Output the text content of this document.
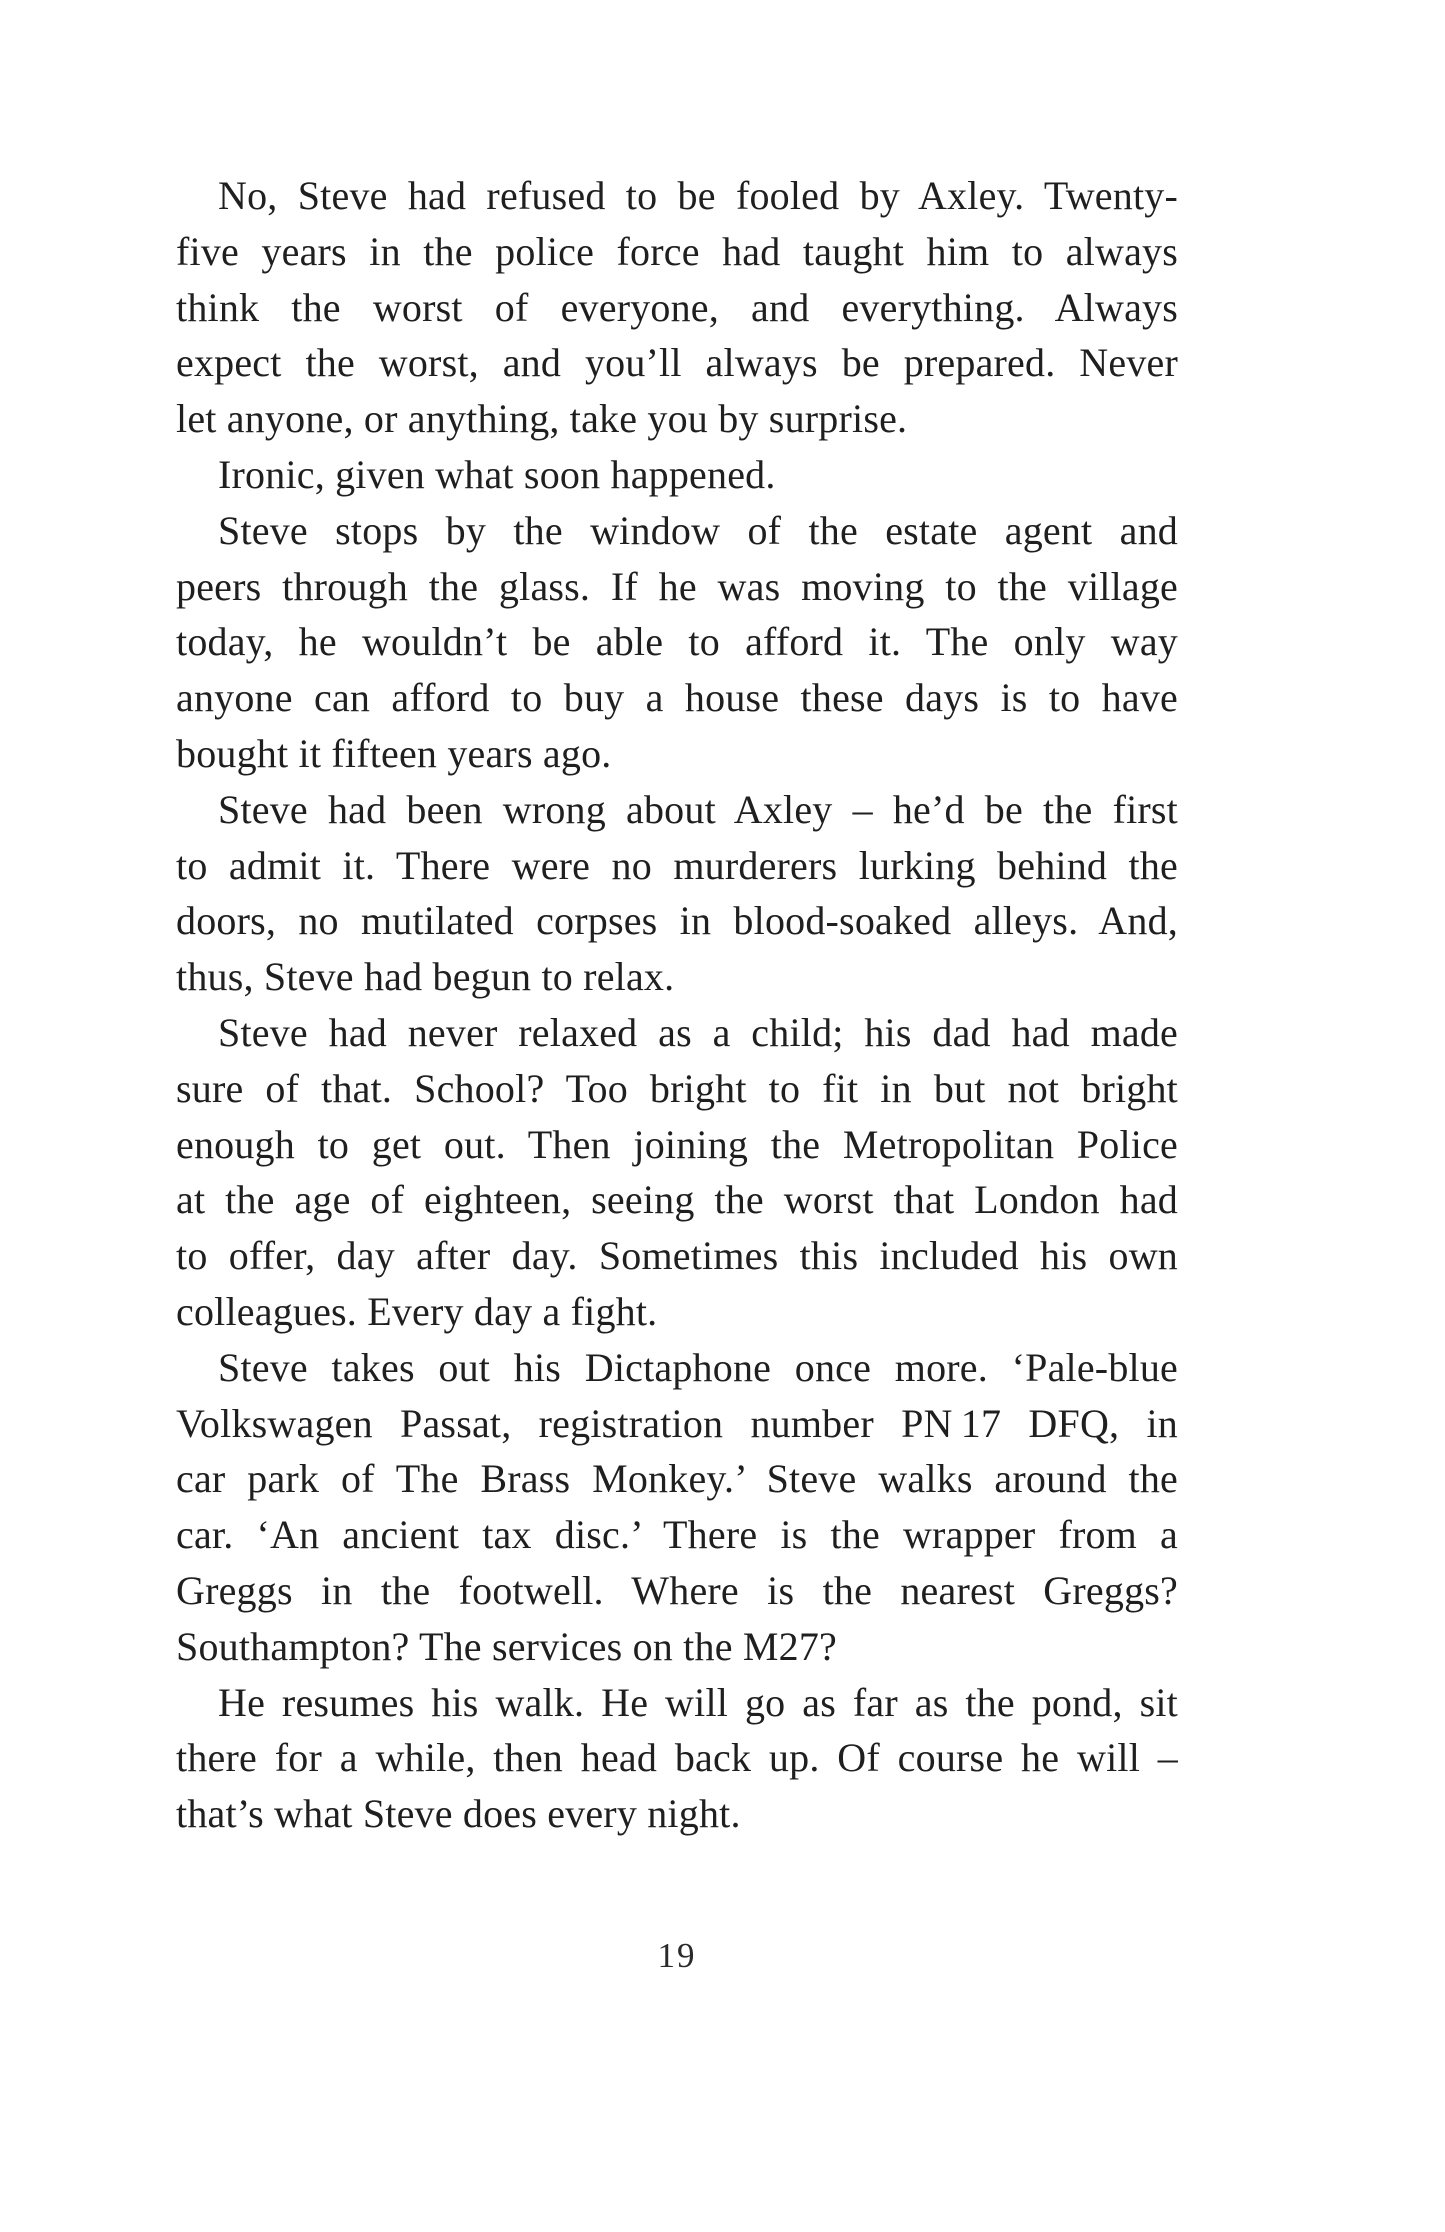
No, Steve had refused to be fooled by Axley. Twenty-
five years in the police force had taught him to always
think the worst of everyone, and everything. Always
expect the worst, and you’ll always be prepared. Never
let anyone, or anything, take you by surprise.
Ironic, given what soon happened.
Steve stops by the window of the estate agent and
peers through the glass. If he was moving to the village
today, he wouldn’t be able to afford it. The only way
anyone can afford to buy a house these days is to have
bought it fifteen years ago.
Steve had been wrong about Axley – he’d be the first
to admit it. There were no murderers lurking behind the
doors, no mutilated corpses in blood-soaked alleys. And,
thus, Steve had begun to relax.
Steve had never relaxed as a child; his dad had made
sure of that. School? Too bright to fit in but not bright
enough to get out. Then joining the Metropolitan Police
at the age of eighteen, seeing the worst that London had
to offer, day after day. Sometimes this included his own
colleagues. Every day a fight.
Steve takes out his Dictaphone once more. ‘Pale-blue
Volkswagen Passat, registration number PN 17 DFQ, in
car park of The Brass Monkey.’ Steve walks around the
car. ‘An ancient tax disc.’ There is the wrapper from a
Greggs in the footwell. Where is the nearest Greggs?
Southampton? The services on the M27?
He resumes his walk. He will go as far as the pond, sit
there for a while, then head back up. Of course he will –
that’s what Steve does every night.
19
